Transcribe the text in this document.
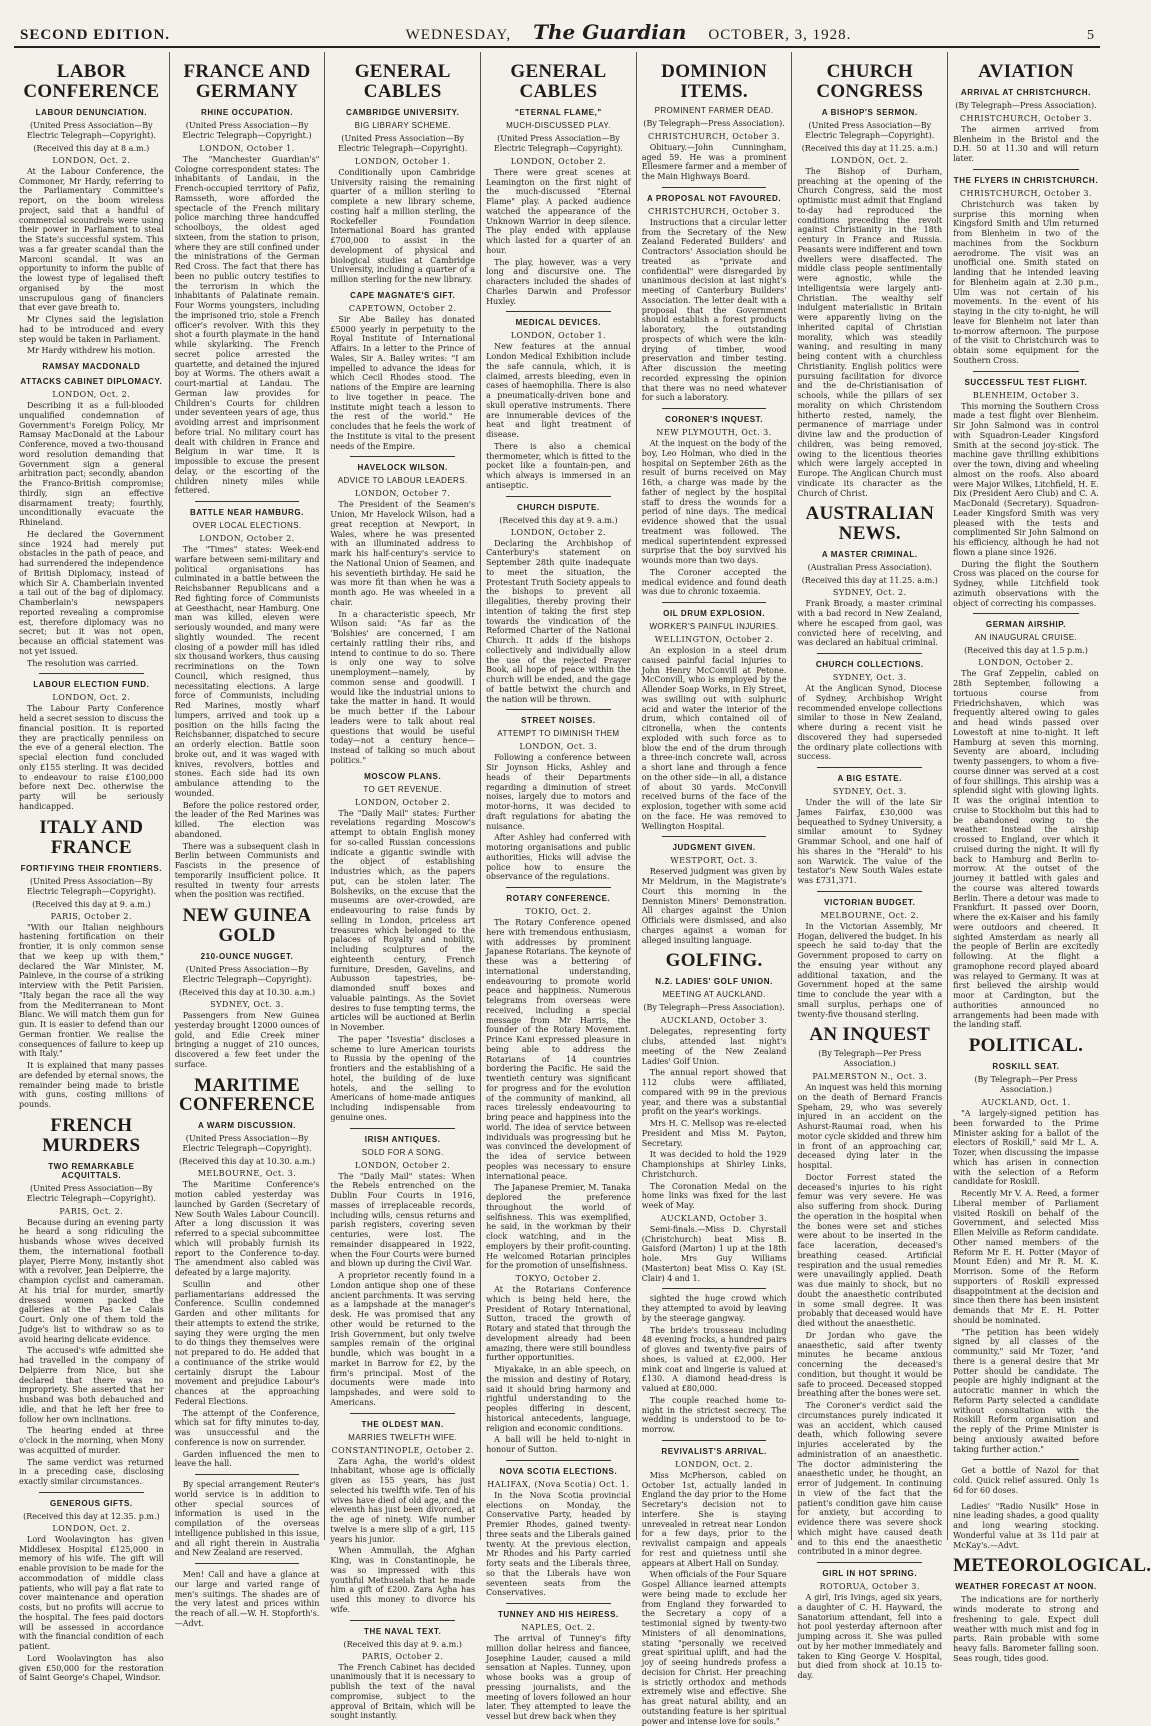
SECOND EDITION.	WEDNESDAY, The Guardian OCTOBER, 3, 1928.	5
LABOR CONFERENCE
LABOUR DENUNCIATION.
(United Press Association—By Electric Telegraph—Copyright).
(Received this day at 8 a.m.)
LONDON, Oct. 2.
At the Labour Conference, the Commoner, Mr Hardy, referring to the Parliamentary Committee's report, on the boom wireless project, said that a handful of commercial scoundrels were using their power in Parliament to steal the State's successful system. This was a far greater scandal than the Marconi scandal. It was an opportunity to inform the public of the lowest type of legalised theft organised by the most unscrupulous gang of financiers that ever gave breath to.
Mr Clynes said the legislation had to be introduced and every step would be taken in Parliament.
Mr Hardy withdrew his motion.
RAMSAY MACDONALD
ATTACKS CABINET DIPLOMACY.
LONDON, Oct. 2.
Describing it as a full-blooded unqualified condemnation of Government's Foreign Policy, Mr Ramsay MacDonald at the Labour Conference, moved a two-thousand word resolution demanding that Government sign a general arbitration pact; secondly, abandon the Franco-British compromise; thirdly, sign an effective disarmament treaty; fourthly, unconditionally evacuate the Rhineland.
He declared the Government since 1924 had merely put obstacles in the path of peace, and had surrendered the independence of British Diplomacy, instead of which Sir A. Chamberlain invented a tail out of the bag of diplomacy. Chamberlain's newspapers reported revealing a compromise est, therefore diplomacy was no secret; but it was not open, because an official statement was not yet issued.
The resolution was carried.
LABOUR ELECTION FUND.
LONDON, Oct. 2.
The Labour Party Conference held a secret session to discuss the financial position. It is reported they are practically penniless on the eve of a general election. The special election fund concluded only £155 sterling. It was decided to endeavour to raise £100,000 before next Dec. otherwise the party will be seriously handicapped.
ITALY AND FRANCE
FORTIFYING THEIR FRONTIERS.
(United Press Association—By Electric Telegraph—Copyright).
(Received this day at 9. a.m.)
PARIS, October 2.
"With our Italian neighbours hastening fortification on their frontier, it is only common sense that we keep up with them," declared the War Minister, M. Painleve, in the course of a striking interview with the Petit Parisien. "Italy began the race all the way from the Mediterranean to Mont Blanc. We will match them gun for gun. It is easier to defend than our German frontier. We realise the consequences of failure to keep up with Italy."
It is explained that many passes are defended by eternal snows, the remainder being made to bristle with guns, costing millions of pounds.
FRENCH MURDERS
TWO REMARKABLE ACQUITTALS.
(United Press Association—By Electric Telegraph—Copyright).
PARIS, Oct. 2.
Because during an evening party he heard a song ridiculing the husbands whose wives deceived them, the international football player, Pierre Mony, instantly shot with a revolver, Jean Delpierre, the champion cyclist and cameraman. At his trial for murder, smartly dressed women packed the galleries at the Pas Le Calais Court. Only one of them told the Judge's list to withdraw so as to avoid hearing delicate evidence.
The accused's wife admitted she had travelled in the company of Delpierre from Nice, but she declared that there was no impropriety. She asserted that her husband was both debauched and idle, and that he left her free to follow her own inclinations.
The hearing ended at three o'clock in the morning, when Mony was acquitted of murder.
The same verdict was returned in a preceding case, disclosing exactly similar circumstances.
GENEROUS GIFTS.
(Received this day at 12.35. p.m.)
LONDON, Oct. 2.
Lord Woolavington has given Middlesex Hospital £125,000 in memory of his wife. The gift will enable provision to be made for the accommodation of middle class patients, who will pay a flat rate to cover maintenance and operation costs, but no profits will accrue to the hospital. The fees paid doctors will be assessed in accordance with the financial condition of each patient.
Lord Woolavington has also given £50,000 for the restoration of Saint George's Chapel, Windsor.
FRANCE AND GERMANY
RHINE OCCUPATION.
(United Press Association—By Electric Telegraph—Copyright.)
LONDON, October 1.
The "Manchester Guardian's" Cologne correspondent states: The inhabitants of Landau, in the French-occupied territory of Pafiz, Ramsseth, wore afforded the spectacle of the French military police marching three handcuffed schoolboys, the oldest aged sixteen, from the station to prison, where they are still confined under the ministrations of the German Red Cross. The fact that there has been no public outcry testifies to the terrorism in which the inhabitants of Palatinate remain. Four Worms youngsters, including the imprisoned trio, stole a French officer's revolver. With this they shot a fourth playmate in the hand while skylarking. The French secret police arrested the quartette, and detained the injured boy at Worms. The others await a court-martial at Landau. The German law provides for Children's Courts for children under seventeen years of age, thus avoiding arrest and imprisonment before trial. No military court has dealt with children in France and Belgium in war time. It is impossible to excuse the present delay, or the escorting of the children ninety miles while fettered.
BATTLE NEAR HAMBURG.
OVER LOCAL ELECTIONS.
LONDON, October 2.
The "Times" states: Week-end warfare between semi-military and political organisations has culminated in a battle between the Reichsbanner Republicans and a Red fighting force of Communists at Geesthacht, near Hamburg. One man was killed, eleven were seriously wounded, and many were slightly wounded. The recent closing of a powder mill has idled six thousand workers, thus causing recriminations on the Town Council, which resigned, thus necessitating elections. A large force of Communists, including Red Marines, mostly wharf lumpers, arrived and took up a position on the hills facing the Reichsbanner, dispatched to secure an orderly election. Battle soon broke out, and it was waged with knives, revolvers, bottles and stones. Each side had its own ambulance attending to the wounded.
Before the police restored order, the leader of the Red Marines was killed. The election was abandoned.
There was a subsequent clash in Berlin between Communists and Fascists in the presence of temporarily insufficient police. It resulted in twenty four arrests when the position was rectified.
NEW GUINEA GOLD
210-OUNCE NUGGET.
(United Press Association—By Electric Telegraph—Copyright).
(Received this day at 10.30. a.m.)
SYDNEY, Oct. 3.
Passengers from New Guinea yesterday brought 12000 ounces of gold, and Edie Creek miner bringing a nugget of 210 ounces, discovered a few feet under the surface.
MARITIME CONFERENCE
A WARM DISCUSSION.
(United Press Association—By Electric Telegraph—Copyright).
(Received this day at 10.30. a.m.)
MELBOURNE, Oct. 3.
The Maritime Conference's motion cabled yesterday was launched by Garden (Secretary of New South Wales Labour Council). After a long discussion it was referred to a special subcommittee which will probably furnish its report to the Conference to-day. The amendment also cabled was defeated by a large majority.
Scullin and other parliamentarians addressed the Conference. Scullin condemned Garden and other militants for their attempts to extend the strike, saying they were urging the men to do things they themselves were not prepared to do. He added that a continuance of the strike would certainly disrupt the Labour movement and prejudice Labour's chances at the approaching Federal Elections.
The attempt of the Conference, which sat for fifty minutes to-day, was unsuccessful and the conference is now on surrender.
Garden influenced the men to leave the hall.
By special arrangement Reuter's world service is in addition to other special sources of information is used in the compilation of the overseas intelligence published in this issue, and all right therein in Australia and New Zealand are reserved.
Men! Call and have a glance at our large and varied range of men's suitings. The shades are of the very latest and prices within the reach of all.—W. H. Stopforth's.—Advt.
GENERAL CABLES
CAMBRIDGE UNIVERSITY.
BIG LIBRARY SCHEME.
(United Press Association—By Electric Telegraph—Copyright).
LONDON, October 1.
Conditionally upon Cambridge University raising the remaining quarter of a million sterling to complete a new library scheme, costing half a million sterling, the Rockefeller Foundation International Board has granted £700,000 to assist in the development of physical and biological studies at Cambridge University, including a quarter of a million sterling for the new library.
CAPE MAGNATE'S GIFT.
CAPETOWN, October 2.
Sir Abe Bailey has donated £5000 yearly in perpetuity to the Royal Institute of International Affairs. In a letter to the Prince of Wales, Sir A. Bailey writes: "I am impelled to advance the ideas for which Cecil Rhodes stood. The nations of the Empire are learning to live together in peace. The institute might teach a lesson to the rest of the world." He concludes that he feels the work of the Institute is vital to the present needs of the Empire.
HAVELOCK WILSON.
ADVICE TO LABOUR LEADERS.
LONDON, October 7.
The President of the Seamen's Union, Mr Havelock Wilson, had a great reception at Newport, in Wales, where he was presented with an illuminated address to mark his half-century's service to the National Union of Seamen, and his seventieth birthday. He said he was more fit than when he was a month ago. He was wheeled in a chair.
In a characteristic speech, Mr Wilson said: "As far as the 'Bolshies' are concerned, I am certainly rattling their ribs, and intend to continue to do so. There is only one way to solve unemployment—namely, by common sense and goodwill. I would like the industrial unions to take the matter in hand. It would be much better if the Labour leaders were to talk about real questions that would be useful today—not a century hence—instead of talking so much about politics."
MOSCOW PLANS.
TO GET REVENUE.
LONDON, October 2.
The "Daily Mail" states: Further revelations regarding Moscow's attempt to obtain English money for so-called Russian concessions indicate a gigantic swindle with the object of establishing industries which, as the papers put, can be stolen later. The Bolsheviks, on the excuse that the museums are over-crowded, are endeavouring to raise funds by selling in London, priceless art treasures which belonged to the palaces of Royalty and nobility, including sculptures of the eighteenth century, French furniture, Dresden, Gavelins, and Aubusson tapestries, be-diamonded snuff boxes and valuable paintings. As the Soviet desires to fuse tempting terms, the articles will be auctioned at Berlin in November.
The paper "Isvestia" discloses a scheme to lure American tourists to Russia by the opening of the frontiers and the establishing of a hotel, the building of de luxe hotels, and the selling to Americans of home-made antiques including indispensable from genuine ones.
IRISH ANTIQUES.
SOLD FOR A SONG.
LONDON, October 2.
The "Daily Mail" states: When the Rebels entrenched on the Dublin Four Courts in 1916, masses of irreplaceable records, including wills, census returns and parish registers, covering seven centuries, were lost. The remainder disappeared in 1922, when the Four Courts were burned and blown up during the Civil War.
A proprietor recently found in a London antique shop one of these ancient parchments. It was serving as a lampshade at the manager's desk. He was promised that any other would be returned to the Irish Government, but only twelve samples remain of the original bundle, which was bought in a market in Barrow for £2, by the firm's principal. Most of the documents were made into lampshades, and were sold to Americans.
THE OLDEST MAN.
MARRIES TWELFTH WIFE.
CONSTANTINOPLE, October 2.
Zara Agha, the world's oldest inhabitant, whose age is officially given as 155 years, has just selected his twelfth wife. Ten of his wives have died of old age, and the eleventh has just been divorced, at the age of ninety. Wife number twelve is a mere slip of a girl, 115 years his junior.
When Ammullah, the Afghan King, was in Constantinople, he was so impressed with this youthful Methuselah that he made him a gift of £200. Zara Agha has used this money to divorce his wife.
THE NAVAL TEXT.
(Received this day at 9. a.m.)
PARIS, October 2.
The French Cabinet has decided unanimously that it is necessary to publish the text of the naval compromise, subject to the approval of Britain, which will be sought instantly.
GENERAL CABLES
"ETERNAL FLAME,"
MUCH-DISCUSSED PLAY.
(United Press Association—By Electric Telegraph—Copyright).
LONDON, October 2.
There were great scenes at Leamington on the first night of the much-discussed "Eternal Flame" play. A packed audience watched the appearance of the Unknown Warrior in deep silence. The play ended with applause which lasted for a quarter of an hour.
The play, however, was a very long and discursive one. The characters included the shades of Charles Darwin and Professor Huxley.
MEDICAL DEVICES.
LONDON, October 1.
New features at the annual London Medical Exhibition include the safe cannula, which, it is claimed, arrests bleeding, even in cases of haemophilia. There is also a pneumatically-driven bone and skull operative instruments. There are innumerable devices of the heat and light treatment of disease.
There is also a chemical thermometer, which is fitted to the pocket like a fountain-pen, and which always is immersed in an antiseptic.
CHURCH DISPUTE.
(Received this day at 9. a.m.)
LONDON, October 2.
Declaring the Archbishop of Canterbury's statement on September 28th quite inadequate to meet the situation, the Protestant Truth Society appeals to the bishops to prevent all illegalities, thereby proving their intention of taking the first step towards the vindication of the Reformed Charter of the National Church. It adds if the bishops collectively and individually allow the use of the rejected Prayer Book, all hope of peace within the church will be ended, and the gage of battle betwixt the church and the nation will be thrown.
STREET NOISES.
ATTEMPT TO DIMINISH THEM
LONDON, Oct. 3.
Following a conference between Sir Joynson Hicks, Ashley and heads of their Departments regarding a diminution of street noises, largely due to motors and motor-horns, it was decided to draft regulations for abating the nuisance.
After Ashley had conferred with motoring organisations and public authorities, Hicks will advise the police how to ensure the observance of the regulations.
ROTARY CONFERENCE.
TOKIO, Oct. 2.
The Rotary Conference opened here with tremendous enthusiasm, with addresses by prominent Japanese Rotarians. The keynote of these was a bettering of international understanding, endeavouring to promote world peace and happiness. Numerous telegrams from overseas were received, including a special message from Mr Harris, the founder of the Rotary Movement. Prince Kani expressed pleasure in being able to address the Rotarians of 14 countries bordering the Pacific. He said the twentieth century was significant for progress and for the evolution of the community of mankind, all races tirelessly endeavouring to bring peace and happiness into the world. The idea of service between individuals was progressing but he was convinced the development of the idea of service between peoples was necessary to ensure international peace.
The Japanese Premier, M. Tanaka deplored the preference throughout the world of selfishness. This was exemplified, he said, in the workman by their clock watching, and in the employers by their profit-counting. He welcomed Rotarian principles for the promotion of unselfishness.
TOKYO, October 2.
At the Rotarians Conference which is being held here, the President of Rotary International, Sutton, traced the growth of Rotary and stated that through the development already had been amazing, there were still boundless further opportunities.
Miyakake, in an able speech, on the mission and destiny of Rotary, said it should bring harmony and rightful understanding to the peoples differing in descent, historical antecedents, language, religion and economic conditions.
A ball will be held to-night in honour of Sutton.
NOVA SCOTIA ELECTIONS.
HALIFAX, (Nova Scotia) Oct. 1.
In the Nova Scotia provincial elections on Monday, the Conservative Party, headed by Premier Rhodes, gained twenty-three seats and the Liberals gained twenty. At the previous election, Mr Rhodes and his Party carried forty seats and the Liberals three, so that the Liberals have won seventeen seats from the Conservatives.
TUNNEY AND HIS HEIRESS.
NAPLES, Oct. 2.
The arrival of Tunney's fifty million dollar heiress and fiancee, Josephine Lauder, caused a mild sensation at Naples. Tunney, upon whose books was a group of pressing journalists, and the meeting of lovers followed an hour later. They attempted to leave the vessel but drew back when they
DOMINION ITEMS.
PROMINENT FARMER DEAD.
(By Telegraph—Press Association).
CHRISTCHURCH, October 3.
Obituary.—John Cunningham, aged 59. He was a prominent Ellesmere farmer and a member of the Main Highways Board.
A PROPOSAL NOT FAVOURED.
CHRISTCHURCH, October 3.
Instructions that a circular letter from the Secretary of the New Zealand Federated Builders' and Contractors' Association should be treated as "private and confidential" were disregarded by unanimous decision at last night's meeting of Canterbury Builders' Association. The letter dealt with a proposal that the Government should establish a forest products laboratory, the outstanding prospects of which were the kiln-drying of timber, wood preservation and timber testing. After discussion the meeting recorded expressing the opinion that there was no need whatever for such a laboratory.
CORONER'S INQUEST.
NEW PLYMOUTH, Oct. 3.
At the inquest on the body of the boy, Leo Holman, who died in the hospital on September 26th as the result of burns received on May 16th, a charge was made by the father of neglect by the hospital staff to dress the wounds for a period of nine days. The medical evidence showed that the usual treatment was followed. The medical superintendent expressed surprise that the boy survived his wounds more than two days.
The Coroner accepted the medical evidence and found death was due to chronic toxaemia.
OIL DRUM EXPLOSION.
WORKER'S PAINFUL INJURIES.
WELLINGTON, October 2.
An explosion in a steel drum caused painful facial injuries to John Henry McConvill at Petone. McConvill, who is employed by the Allender Soap Works, in Ely Street, was swilling out with sulphuric acid and water the interior of the drum, which contained oil of citronella, when the contents exploded with such force as to blow the end of the drum through a three-inch concrete wall, across a short lane and through a fence on the other side—in all, a distance of about 30 yards. McConvill received burns of the face of the explosion, together with some acid on the face. He was removed to Wellington Hospital.
JUDGMENT GIVEN.
WESTPORT, Oct. 3.
Reserved judgment was given by Mr Meldrum, in the Magistrate's Court this morning in the Denniston Miners' Demonstration. All charges against the Union Officials were dismissed, and also charges against a woman for alleged insulting language.
GOLFING.
N.Z. LADIES' GOLF UNION.
MEETING AT AUCKLAND.
(By Telegraph—Press Association).
AUCKLAND, October 3.
Delegates, representing forty clubs, attended last night's meeting of the New Zealand Ladies' Golf Union.
The annual report showed that 112 clubs were affiliated, compared with 99 in the previous year, and there was a substantial profit on the year's workings.
Mrs H. C. Mellsop was re-elected President and Miss M. Payton, Secretary.
It was decided to hold the 1929 Championships at Shirley Links, Christchurch.
The Coronation Medal on the home links was fixed for the last week of May.
AUCKLAND, October 3.
Semi-finals.—Miss D. Chyrstall (Christchurch) beat Miss B. Gaisford (Marton) 1 up at the 18th hole. Mrs Guy Williams (Masterton) beat Miss O. Kay (St. Clair) 4 and 1.
sighted the huge crowd which they attempted to avoid by leaving by the steerage gangway.
The bride's trousseau including 48 evening frocks, a hundred pairs of gloves and twenty-five pairs of shoes, is valued at £2,000. Her mink coat and lingerie is valued at £130. A diamond head-dress is valued at £80,000.
The couple reached home to-night in the strictest secrecy. The wedding is understood to be to-morrow.
REVIVALIST'S ARRIVAL.
LONDON, Oct. 2.
Miss McPherson, cabled on October 1st, actually landed in England the day prior to the Home Secretary's decision not to interfere. She is staying unrevealed in retreat near London for a few days, prior to the revivalist campaign and appeals for rest and quietness until she appears at Albert Hall on Sunday.
When officials of the Four Square Gospel Alliance learned attempts were being made to exclude her from England they forwarded to the Secretary a copy of a testimonial signed by twenty-two Ministers of all denominations, stating "personally we received great spiritual uplift, and had the joy of seeing hundreds profess a decision for Christ. Her preaching is strictly orthodox and methods extremely wise and effective. She has great natural ability, and an outstanding feature is her spiritual power and intense love for souls."
CHURCH CONGRESS
A BISHOP'S SERMON.
(United Press Association—By Electric Telegraph—Copyright).
(Received this day at 11.25. a.m.)
LONDON, Oct. 2.
The Bishop of Durham, preaching at the opening of the Church Congress, said the most optimistic must admit that England to-day had reproduced the conditions preceding the revolt against Christianity in the 18th century in France and Russia. Peasants were indifferent and town dwellers were disaffected. The middle class people sentimentally were agnostic, while the intelligentsia were largely anti-Christian. The wealthy self indulgent materialistic in Britain were apparently living on the inherited capital of Christian morality, which was steadily waning, and resulting in many being content with a churchless Christianity. English politics were pursuing facilitation for divorce and the de-Christianisation of schools, while the pillars of sex morality on which Christendom hitherto rested, namely, the permanence of marriage under divine law and the production of children, was being removed, owing to the licentious theories which were largely accepted in Europe. The Anglican Church must vindicate its character as the Church of Christ.
AUSTRALIAN NEWS.
A MASTER CRIMINAL.
(Australian Press Association).
(Received this day at 11.25. a.m.)
SYDNEY, Oct. 2.
Frank Broady, a master criminal with a bad record in New Zealand, where he escaped from gaol, was convicted here of receiving, and was declared an habitual criminal.
CHURCH COLLECTIONS.
SYDNEY, Oct. 3.
At the Anglican Synod, Diocese of Sydney, Archbishop Wright recommended envelope collections similar to those in New Zealand, where during a recent visit he discovered they had superseded the ordinary plate collections with success.
A BIG ESTATE.
SYDNEY, Oct. 3.
Under the will of the late Sir James Fairfax, £30,000 was bequeathed to Sydney University, a similar amount to Sydney Grammar School, and one half of his shares in the "Herald" to his son Warwick. The value of the testator's New South Wales estate was £731,371.
VICTORIAN BUDGET.
MELBOURNE, Oct. 2.
In the Victorian Assembly, Mr Hogan, delivered the budget. In his speech he said to-day that the Government proposed to carry on the ensuing year without any additional taxation, and the Government hoped at the same time to conclude the year with a small surplus, perhaps one of twenty-five thousand sterling.
AN INQUEST
(By Telegraph—Per Press Association.)
PALMERSTON N., Oct. 3.
An inquest was held this morning on the death of Bernard Francis Speham, 29, who was severely injured in an accident on the Ashurst-Raumai road, when his motor cycle skidded and threw him in front of an approaching car, deceased dying later in the hospital.
Doctor Forrest stated the deceased's injuries to his right femur was very severe. He was also suffering from shock. During the operation in the hospital when the bones were set and stiches were about to be inserted in the face laceration, deceased's breathing ceased. Artificial respiration and the usual remedies were unavailingly applied. Death was due mainly to shock, but no doubt the anaesthetic contributed in some small degree. It was probably that deceased would have died without the anaesthetic.
Dr Jordan who gave the anaesthetic, said after twenty minutes he became anxious concerning the deceased's condition, but thought it would be safe to proceed. Deceased stopped breathing after the bones were set.
The Coroner's verdict said the circumstances purely indicated it was an accident, which caused death, which following severe injuries accelerated by the administration of an anaesthetic. The doctor administering the anaesthetic under, he thought, an error of judgement. In continuing in view of the fact that the patient's condition gave him cause for anxiety, but according to evidence there was severe shock which might have caused death and to this end the anaesthetic contributed in a minor degree.
GIRL IN HOT SPRING.
ROTORUA, October 3.
A girl, Iris Ivings, aged six years, a daughter of C. H. Hayward, the Sanatorium attendant, fell into a hot pool yesterday afternoon after jumping across it. She was pulled out by her mother immediately and taken to King George V. Hospital, but died from shock at 10.15 to-day.
AVIATION
ARRIVAL AT CHRISTCHURCH.
(By Telegraph—Press Association).
CHRISTCHURCH, October 3.
The airmen arrived from Blenheim in the Bristol and the D.H. 50 at 11.30 and will return later.
THE FLYERS IN CHRISTCHURCH.
CHRISTCHURCH, October 3.
Christchurch was taken by surprise this morning when Kingsford Smith and Ulm returned from Blenheim in two of the machines from the Sockburn aerodrome. The visit was an unofficial one. Smith stated on landing that he intended leaving for Blenheim again at 2.30 p.m., Ulm was not certain of his movements. In the event of his staying in the city to-night, he will leave for Blenheim not later than to-morrow afternoon. The purpose of the visit to Christchurch was to obtain some equipment for the Southern Cross.
SUCCESSFUL TEST FLIGHT.
BLENHEIM, October 3.
This morning the Southern Cross made a test flight over Blenheim. Sir John Salmond was in control with Squadron-Leader Kingsford Smith at the second joy-stick. The machine gave thrilling exhibitions over the town, diving and wheeling almost on the roofs. Also aboard were Major Wilkes, Litchfield, H. E. Dix (President Aero Club) and C. A. MacDonald (Secretary). Squadron-Leader Kingsford Smith was very pleased with the tests and complimented Sir John Salmond on his efficiency, although he had not flown a plane since 1926.
During the flight the Southern Cross was placed on the course for Sydney, while Litchfield took azimuth observations with the object of correcting his compasses.
GERMAN AIRSHIP.
AN INAUGURAL CRUISE.
(Received this day at 1.5 p.m.)
LONDON, October 2.
The Graf Zeppelin, cabled on 28th September, following a tortuous course from Friedrichshaven, which was frequently altered owing to gales and head winds passed over Lowestoft at nine to-night. It left Hamburg at seven this morning. Seventy are aboard, including twenty passengers, to whom a five-course dinner was served at a cost of four shillings. This airship was a splendid sight with glowing lights. It was the original intention to cruise to Stockholm but this had to be abandoned owing to the weather. Instead the airship crossed to England, over which it cruised during the night. It will fly back to Hamburg and Berlin to-morrow. At the outset of the journey it battled with gales and the course was altered towards Berlin. There a detour was made to Frankfurt. It passed over Doorn, where the ex-Kaiser and his family were outdoors and cheered. It sighted Amsterdam as nearly all the people of Berlin are excitedly following. At the flight a gramophone record played aboard was relayed to Germany. It was at first believed the airship would moor at Cardington, but the authorities announced no arrangements had been made with the landing staff.
POLITICAL.
ROSKILL SEAT.
(By Telegraph—Per Press Association.)
AUCKLAND, Oct. 1.
"A largely-signed petition has been forwarded to the Prime Minister asking for a ballot of the electors of Roskill," said Mr L. A. Tozer, when discussing the impasse which has arisen in connection with the selection of a Reform candidate for Roskill.
Recently Mr V. A. Reed, a former Liberal member of Parliament visited Roskill on behalf of the Government, and selected Miss Ellen Melville as Reform candidate. Other named members of the Reform Mr E. H. Potter (Mayor of Mount Eden) and Mr R. M. K. Morrison. Some of the Reform supporters of Roskill expressed disappointment at the decision and since then there has been insistent demands that Mr E. H. Potter should be nominated.
"The petition has been widely signed by all classes of the community," said Mr Tozer, "and there is a general desire that Mr Potter should be candidate. The people are highly indignant at the autocratic manner in which the Reform Party selected a candidate without consultation with the Roskill Reform organisation and the reply of the Prime Minister is being anxiously awaited before taking further action."
Get a bottle of Nazol for that cold. Quick relief assured. Only 1s 6d for 60 doses.
Ladies' "Radio Nusilk" Hose in nine leading shades, a good quality and long wearing stocking. Wonderful value at 3s 11d pair at McKay's.—Advt.
METEOROLOGICAL.
WEATHER FORECAST AT NOON.
The indications are for northerly winds moderate to strong and freshening to gale. Expect dull weather with much mist and fog in parts. Rain probable with some heavy falls. Barometer falling soon. Seas rough, tides good.
